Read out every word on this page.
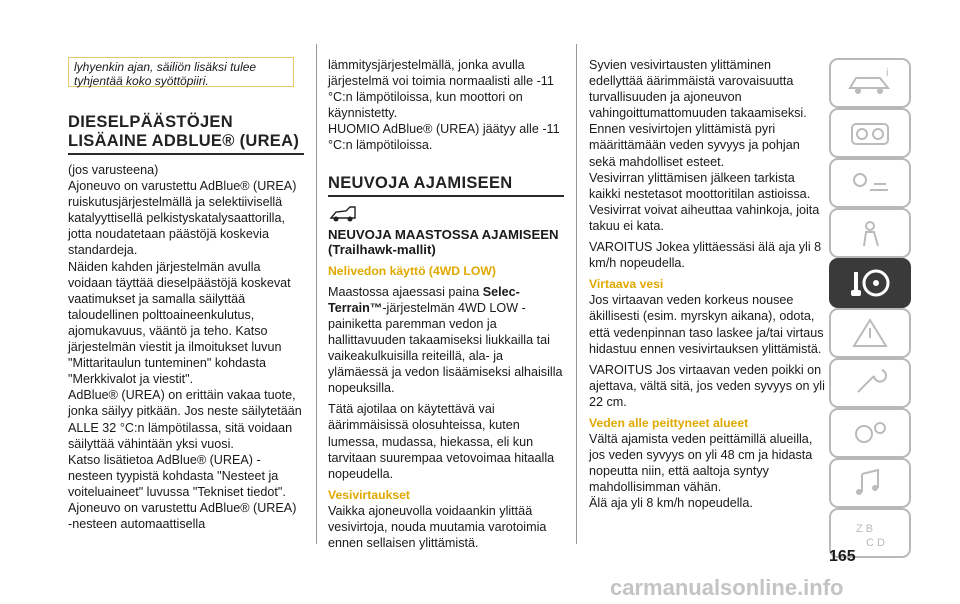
lyhyenkin ajan, säiliön lisäksi tulee tyhjentää koko syöttöpiiri.
DIESELPÄÄSTÖJEN LISÄAINE ADBLUE® (UREA)

(jos varusteena)

Ajoneuvo on varustettu AdBlue® (UREA) ruiskutusjärjestelmällä ja selektiivisellä katalyyttisellä pelkistyskatalysaattorilla, jotta noudatetaan päästöjä koskevia standardeja.

Näiden kahden järjestelmän avulla voidaan täyttää dieselpäästöjä koskevat vaatimukset ja samalla säilyttää taloudellinen polttoaineenkulutus, ajomukavuus, vääntö ja teho. Katso järjestelmän viestit ja ilmoitukset luvun "Mittaritaulun tunteminen" kohdasta "Merkkivalot ja viestit".

AdBlue® (UREA) on erittäin vakaa tuote, jonka säilyy pitkään. Jos neste säilytetään ALLE 32 °C:n lämpötilassa, sitä voidaan säilyttää vähintään yksi vuosi.

Katso lisätietoa AdBlue® (UREA) -nesteen tyypistä kohdasta "Nesteet ja voiteluaineet" luvussa "Tekniset tiedot".

Ajoneuvo on varustettu AdBlue® (UREA) -nesteen automaattisella

lämmitysjärjestelmällä, jonka avulla järjestelmä voi toimia normaalisti alle -11 °C:n lämpötiloissa, kun moottori on käynnistetty.

HUOMIO AdBlue® (UREA) jäätyy alle -11 °C:n lämpötiloissa.

NEUVOJA AJAMISEEN
NEUVOJA MAASTOSSA AJAMISEEN (Trailhawk-mallit)
Nelivedon käyttö (4WD LOW)

Maastossa ajaessasi paina Selec-Terrain™-järjestelmän 4WD LOW -painiketta paremman vedon ja hallittavuuden takaamiseksi liukkailla tai vaikeakulkuisilla reiteillä, ala- ja ylämäessä ja vedon lisäämiseksi alhaisilla nopeuksilla.

Tätä ajotilaa on käytettävä vai äärimmäisissä olosuhteissa, kuten lumessa, mudassa, hiekassa, eli kun tarvitaan suurempaa vetovoimaa hitaalla nopeudella.

Vesivirtaukset

Vaikka ajoneuvolla voidaankin ylittää vesivirtoja, nouda muutamia varotoimia ennen sellaisen ylittämistä.

Syvien vesivirtausten ylittäminen edellyttää äärimmäistä varovaisuutta turvallisuuden ja ajoneuvon vahingoittumattomuuden takaamiseksi.

Ennen vesivirtojen ylittämistä pyri määrittämään veden syvyys ja pohjan sekä mahdolliset esteet.

Vesivirran ylittämisen jälkeen tarkista kaikki nestetasot moottoritilan astioissa. Vesivirrat voivat aiheuttaa vahinkoja, joita takuu ei kata.

VAROITUS Jokea ylittäessäsi älä aja yli 8 km/h nopeudella.

Virtaava vesi

Jos virtaavan veden korkeus nousee äkillisesti (esim. myrskyn aikana), odota, että vedenpinnan taso laskee ja/tai virtaus hidastuu ennen vesivirtauksen ylittämistä.

VAROITUS Jos virtaavan veden poikki on ajettava, vältä sitä, jos veden syvyys on yli 22 cm.

Veden alle peittyneet alueet

Vältä ajamista veden peittämillä alueilla, jos veden syvyys on yli 48 cm ja hidasta nopeutta niin, että aaltoja syntyy mahdollisimman vähän.

Älä aja yli 8 km/h nopeudella.

i
Z B
C D
165
carmanualsonline.info
